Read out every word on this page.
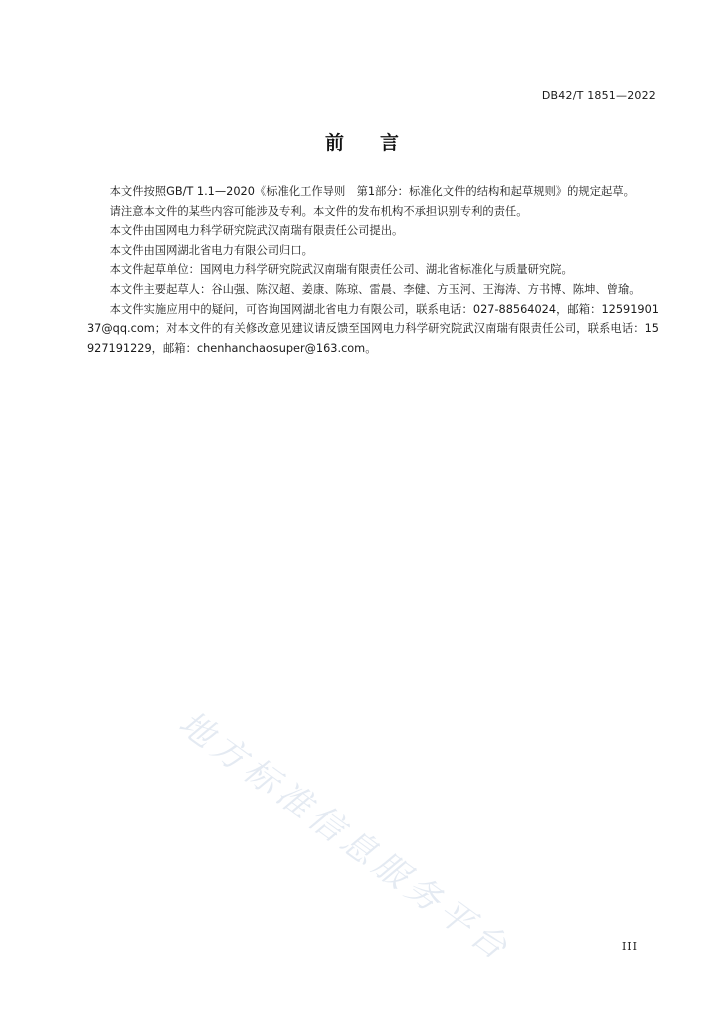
DB42/T 1851—2022
前言

本文件按照GB/T 1.1—2020《标准化工作导则　第1部分：标准化文件的结构和起草规则》的规定起草。

请注意本文件的某些内容可能涉及专利。本文件的发布机构不承担识别专利的责任。

本文件由国网电力科学研究院武汉南瑞有限责任公司提出。

本文件由国网湖北省电力有限公司归口。

本文件起草单位：国网电力科学研究院武汉南瑞有限责任公司、湖北省标准化与质量研究院。

本文件主要起草人：谷山强、陈汉超、姜康、陈琼、雷晨、李健、方玉河、王海涛、方书博、陈坤、曾瑜。

本文件实施应用中的疑问，可咨询国网湖北省电力有限公司，联系电话：027-88564024，邮箱：1259190137@qq.com；对本文件的有关修改意见建议请反馈至国网电力科学研究院武汉南瑞有限责任公司，联系电话：15927191229，邮箱：chenhanchaosuper@163.com。

地方标准信息服务平台	III
